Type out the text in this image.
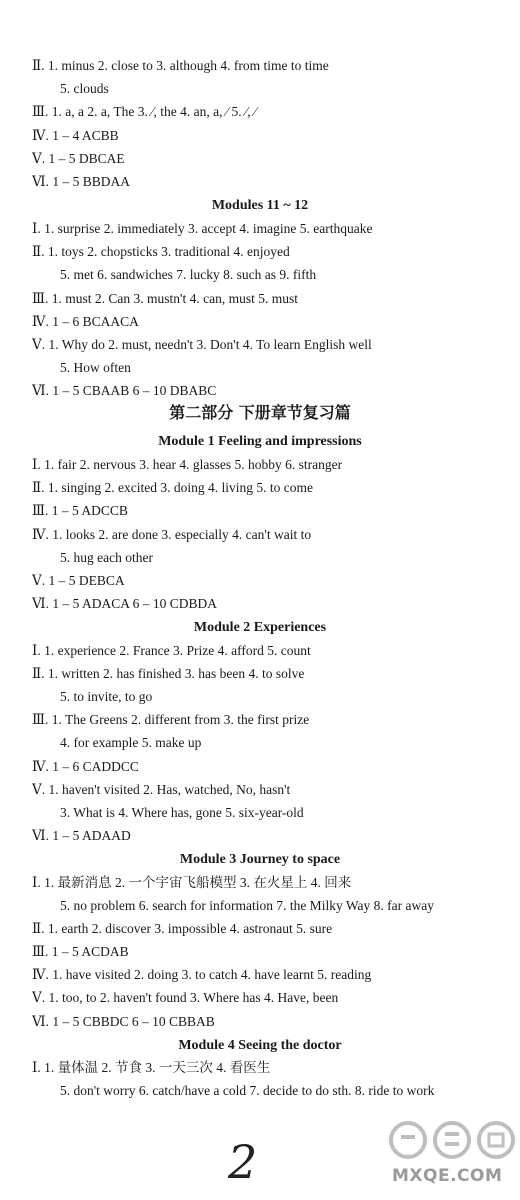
Ⅱ. 1. minus 2. close to 3. although 4. from time to time
5. clouds
Ⅲ. 1. a, a 2. a, The 3. ⁄, the 4. an, a, ⁄ 5. ⁄, ⁄
Ⅳ. 1 – 4 ACBB
Ⅴ. 1 – 5 DBCAE
Ⅵ. 1 – 5 BBDAA
Modules 11 ~ 12
Ⅰ. 1. surprise 2. immediately 3. accept 4. imagine 5. earthquake
Ⅱ. 1. toys 2. chopsticks 3. traditional 4. enjoyed
5. met 6. sandwiches 7. lucky 8. such as 9. fifth
Ⅲ. 1. must 2. Can 3. mustn't 4. can, must 5. must
Ⅳ. 1 – 6 BCAACA
Ⅴ. 1. Why do 2. must, needn't 3. Don't 4. To learn English well
5. How often
Ⅵ. 1 – 5 CBAAB 6 – 10 DBABC
第二部分 下册章节复习篇
Module 1 Feeling and impressions
Ⅰ. 1. fair 2. nervous 3. hear 4. glasses 5. hobby 6. stranger
Ⅱ. 1. singing 2. excited 3. doing 4. living 5. to come
Ⅲ. 1 – 5 ADCCB
Ⅳ. 1. looks 2. are done 3. especially 4. can't wait to
5. hug each other
Ⅴ. 1 – 5 DEBCA
Ⅵ. 1 – 5 ADACA 6 – 10 CDBDA
Module 2 Experiences
Ⅰ. 1. experience 2. France 3. Prize 4. afford 5. count
Ⅱ. 1. written 2. has finished 3. has been 4. to solve
5. to invite, to go
Ⅲ. 1. The Greens 2. different from 3. the first prize
4. for example 5. make up
Ⅳ. 1 – 6 CADDCC
Ⅴ. 1. haven't visited 2. Has, watched, No, hasn't
3. What is 4. Where has, gone 5. six-year-old
Ⅵ. 1 – 5 ADAAD
Module 3 Journey to space
Ⅰ. 1. 最新消息 2. 一个宇宙飞船模型 3. 在火星上 4. 回来
5. no problem 6. search for information 7. the Milky Way 8. far away
Ⅱ. 1. earth 2. discover 3. impossible 4. astronaut 5. sure
Ⅲ. 1 – 5 ACDAB
Ⅳ. 1. have visited 2. doing 3. to catch 4. have learnt 5. reading
Ⅴ. 1. too, to 2. haven't found 3. Where has 4. Have, been
Ⅵ. 1 – 5 CBBDC 6 – 10 CBBAB
Module 4 Seeing the doctor
Ⅰ. 1. 量体温 2. 节食 3. 一天三次 4. 看医生
5. don't worry 6. catch/have a cold 7. decide to do sth. 8. ride to work
2	MXQE.COM
